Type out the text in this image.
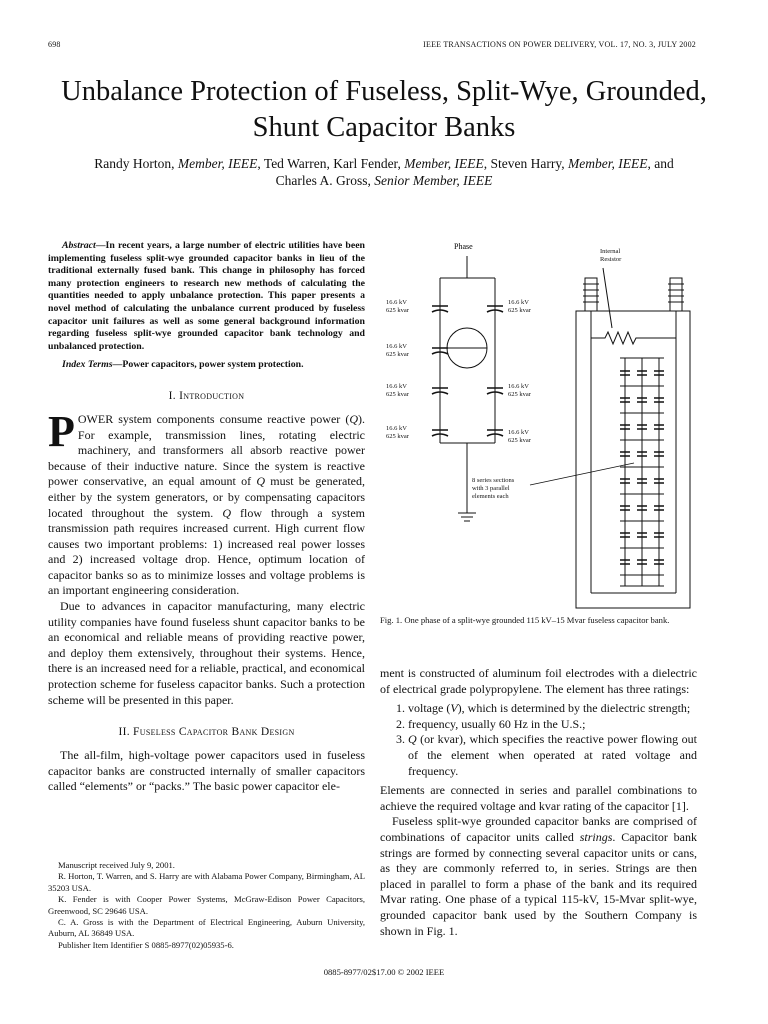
698	IEEE TRANSACTIONS ON POWER DELIVERY, VOL. 17, NO. 3, JULY 2002
Unbalance Protection of Fuseless, Split-Wye, Grounded, Shunt Capacitor Banks
Randy Horton, Member, IEEE, Ted Warren, Karl Fender, Member, IEEE, Steven Harry, Member, IEEE, and
Charles A. Gross, Senior Member, IEEE

Abstract—In recent years, a large number of electric utilities have been implementing fuseless split-wye grounded capacitor banks in lieu of the traditional externally fused bank. This change in philosophy has forced many protection engineers to research new methods of calculating the quantities needed to apply unbalance protection. This paper presents a novel method of calculating the unbalance current produced by fuseless capacitor unit failures as well as some general background information regarding fuseless split-wye grounded capacitor bank technology and unbalanced protection.

Index Terms—Power capacitors, power system protection.

I. Introduction

POWER system components consume reactive power (Q). For example, transmission lines, rotating electric machinery, and transformers all absorb reactive power because of their inductive nature. Since the system is reactive power conservative, an equal amount of Q must be generated, either by the system generators, or by compensating capacitors located throughout the system. Q flow through a system transmission path requires increased current. High current flow causes two important problems: 1) increased real power losses and 2) increased voltage drop. Hence, optimum location of capacitor banks so as to minimize losses and voltage problems is an important engineering consideration.

Due to advances in capacitor manufacturing, many electric utility companies have found fuseless shunt capacitor banks to be an economical and reliable means of providing reactive power, and deploy them extensively, throughout their systems. Hence, there is an increased need for a reliable, practical, and economical protection scheme for fuseless capacitor banks. Such a protection scheme will be presented in this paper.

II. Fuseless Capacitor Bank Design

The all-film, high-voltage power capacitors used in fuseless capacitor banks are constructed internally of smaller capacitors called “elements” or “packs.” The basic power capacitor ele-

Manuscript received July 9, 2001.

R. Horton, T. Warren, and S. Harry are with Alabama Power Company, Birmingham, AL 35203 USA.

K. Fender is with Cooper Power Systems, McGraw-Edison Power Capacitors, Greenwood, SC 29646 USA.

C. A. Gross is with the Department of Electrical Engineering, Auburn University, Auburn, AL 36849 USA.

Publisher Item Identifier S 0885-8977(02)05935-6.

Phase
16.6 kV
625 kvar
16.6 kV
625 kvar
16.6 kV
625 kvar
16.6 kV
625 kvar
16.6 kV
625 kvar
16.6 kV
625 kvar
16.6 kV
625 kvar
8 series sections
with 3 parallel
elements each
Internal
Resistor
Fig. 1. One phase of a split-wye grounded 115 kV–15 Mvar fuseless capacitor bank.

ment is constructed of aluminum foil electrodes with a dielectric of electrical grade polypropylene. The element has three ratings:

1. voltage (V), which is determined by the dielectric strength;
2. frequency, usually 60 Hz in the U.S.;
3. Q (or kvar), which specifies the reactive power flowing out of the element when operated at rated voltage and frequency.

Elements are connected in series and parallel combinations to achieve the required voltage and kvar rating of the capacitor [1].

Fuseless split-wye grounded capacitor banks are comprised of combinations of capacitor units called strings. Capacitor bank strings are formed by connecting several capacitor units or cans, as they are commonly referred to, in series. Strings are then placed in parallel to form a phase of the bank and its required Mvar rating. One phase of a typical 115-kV, 15-Mvar split-wye, grounded capacitor bank used by the Southern Company is shown in Fig. 1.

0885-8977/02$17.00 © 2002 IEEE
